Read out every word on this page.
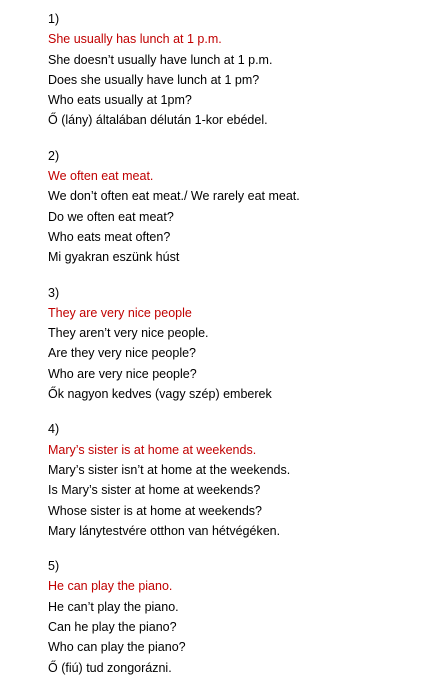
1)
She usually has lunch at 1 p.m.
She doesn’t usually have lunch at 1 p.m.
Does she usually have lunch at 1 pm?
Who eats usually at 1pm?
Ő (lány) általában délután 1-kor ebédel.
2)
We often eat meat.
We don’t often eat meat./ We rarely eat meat.
Do we often eat meat?
Who eats meat often?
Mi gyakran eszünk húst
3)
They are very nice people
They aren’t very nice people.
Are they very nice people?
Who are very nice people?
Ők nagyon kedves (vagy szép) emberek
4)
Mary’s sister is at home at weekends.
Mary’s sister isn’t at home at the weekends.
Is Mary’s sister at home at weekends?
Whose sister is at home at weekends?
Mary lánytestvére otthon van hétvégéken.
5)
He can play the piano.
He can’t play the piano.
Can he play the piano?
Who can play the piano?
Ő (fiú) tud zongorázni.
